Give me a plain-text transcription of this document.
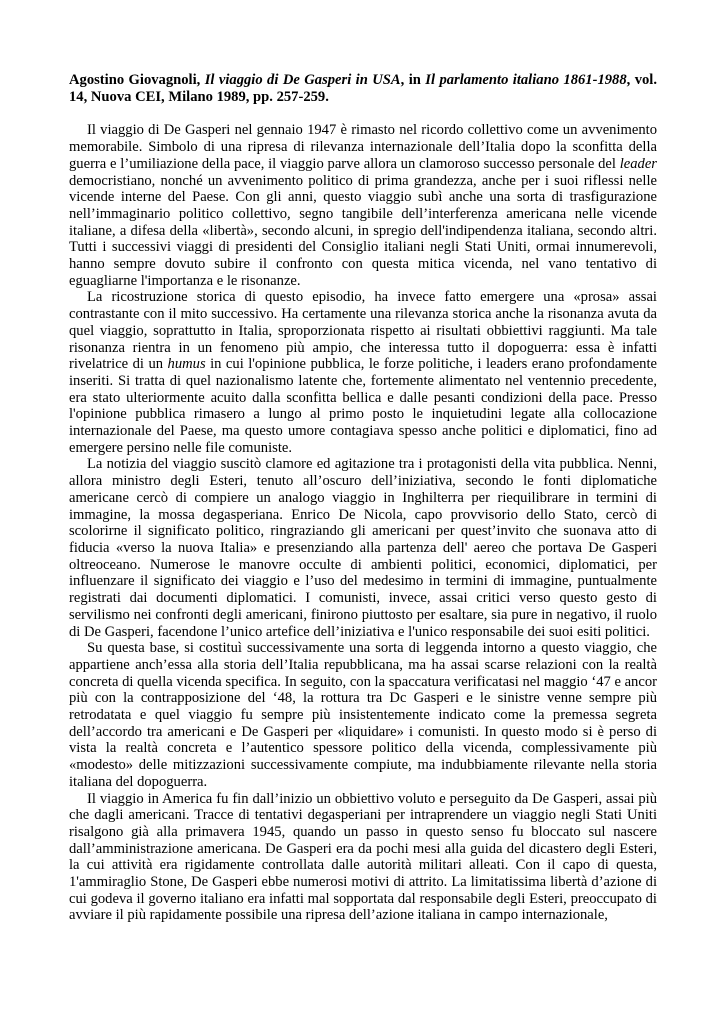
Agostino Giovagnoli, Il viaggio di De Gasperi in USA, in Il parlamento italiano 1861-1988, vol. 14, Nuova CEI, Milano 1989, pp. 257-259.

Il viaggio di De Gasperi nel gennaio 1947 è rimasto nel ricordo collettivo come un avvenimento memorabile. Simbolo di una ripresa di rilevanza internazionale dell’Italia dopo la sconfitta della guerra e l’umiliazione della pace, il viaggio parve allora un clamoroso successo personale del leader democristiano, nonché un avvenimento politico di prima grandezza, anche per i suoi riflessi nelle vicende interne del Paese. Con gli anni, questo viaggio subì anche una sorta di trasfigurazione nell’immaginario politico collettivo, segno tangibile dell’interferenza americana nelle vicende italiane, a difesa della «libertà», secondo alcuni, in spregio dell'indipendenza italiana, secondo altri. Tutti i successivi viaggi di presidenti del Consiglio italiani negli Stati Uniti, ormai innumerevoli, hanno sempre dovuto subire il confronto con questa mitica vicenda, nel vano tentativo di eguagliarne l'importanza e le risonanze.

La ricostruzione storica di questo episodio, ha invece fatto emergere una «prosa» assai contrastante con il mito successivo. Ha certamente una rilevanza storica anche la risonanza avuta da quel viaggio, soprattutto in Italia, sproporzionata rispetto ai risultati obbiettivi raggiunti. Ma tale risonanza rientra in un fenomeno più ampio, che interessa tutto il dopoguerra: essa è infatti rivelatrice di un humus in cui l'opinione pubblica, le forze politiche, i leaders erano profondamente inseriti. Si tratta di quel nazionalismo latente che, fortemente alimentato nel ventennio precedente, era stato ulteriormente acuito dalla sconfitta bellica e dalle pesanti condizioni della pace. Presso l'opinione pubblica rimasero a lungo al primo posto le inquietudini legate alla collocazione internazionale del Paese, ma questo umore contagiava spesso anche politici e diplomatici, fino ad emergere persino nelle file comuniste.

La notizia del viaggio suscitò clamore ed agitazione tra i protagonisti della vita pubblica. Nenni, allora ministro degli Esteri, tenuto all’oscuro dell’iniziativa, secondo le fonti diplomatiche americane cercò di compiere un analogo viaggio in Inghilterra per riequilibrare in termini di immagine, la mossa degasperiana. Enrico De Nicola, capo provvisorio dello Stato, cercò di scolorirne il significato politico, ringraziando gli americani per quest’invito che suonava atto di fiducia «verso la nuova Italia» e presenziando alla partenza dell' aereo che portava De Gasperi oltreoceano. Numerose le manovre occulte di ambienti politici, economici, diplomatici, per influenzare il significato dei viaggio e l’uso del medesimo in termini di immagine, puntualmente registrati dai documenti diplomatici. I comunisti, invece, assai critici verso questo gesto di servilismo nei confronti degli americani, finirono piuttosto per esaltare, sia pure in negativo, il ruolo di De Gasperi, facendone l’unico artefice dell’iniziativa e l'unico responsabile dei suoi esiti politici.

Su questa base, si costituì successivamente una sorta di leggenda intorno a questo viaggio, che appartiene anch’essa alla storia dell’Italia repubblicana, ma ha assai scarse relazioni con la realtà concreta di quella vicenda specifica. In seguito, con la spaccatura verificatasi nel maggio ‘47 e ancor più con la contrapposizione del ‘48, la rottura tra Dc Gasperi e le sinistre venne sempre più retrodatata e quel viaggio fu sempre più insistentemente indicato come la premessa segreta dell’accordo tra americani e De Gasperi per «liquidare» i comunisti. In questo modo si è perso di vista la realtà concreta e l’autentico spessore politico della vicenda, complessivamente più «modesto» delle mitizzazioni successivamente compiute, ma indubbiamente rilevante nella storia italiana del dopoguerra.

Il viaggio in America fu fin dall’inizio un obbiettivo voluto e perseguito da De Gasperi, assai più che dagli americani. Tracce di tentativi degasperiani per intraprendere un viaggio negli Stati Uniti risalgono già alla primavera 1945, quando un passo in questo senso fu bloccato sul nascere dall’amministrazione americana. De Gasperi era da pochi mesi alla guida del dicastero degli Esteri, la cui attività era rigidamente controllata dalle autorità militari alleati. Con il capo di questa, 1'ammiraglio Stone, De Gasperi ebbe numerosi motivi di attrito. La limitatissima libertà d’azione di cui godeva il governo italiano era infatti mal sopportata dal responsabile degli Esteri, preoccupato di avviare il più rapidamente possibile una ripresa dell’azione italiana in campo internazionale,
